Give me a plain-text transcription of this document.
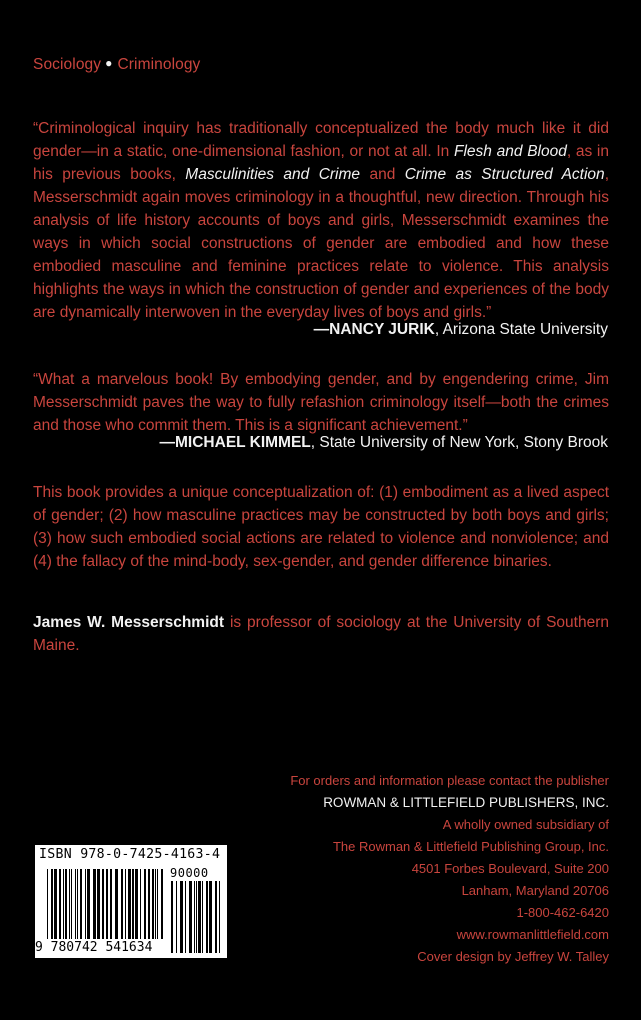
Sociology ● Criminology
“Criminological inquiry has traditionally conceptualized the body much like it did gender—in a static, one-dimensional fashion, or not at all. In Flesh and Blood, as in his previous books, Masculinities and Crime and Crime as Structured Action, Messerschmidt again moves criminology in a thoughtful, new direction. Through his analysis of life history accounts of boys and girls, Messerschmidt examines the ways in which social constructions of gender are embodied and how these embodied masculine and feminine practices relate to violence. This analysis highlights the ways in which the construction of gender and experiences of the body are dynamically interwoven in the everyday lives of boys and girls.”
—NANCY JURIK, Arizona State University
“What a marvelous book! By embodying gender, and by engendering crime, Jim Messerschmidt paves the way to fully refashion criminology itself—both the crimes and those who commit them. This is a significant achievement.”
—MICHAEL KIMMEL, State University of New York, Stony Brook
This book provides a unique conceptualization of: (1) embodiment as a lived aspect of gender; (2) how masculine practices may be constructed by both boys and girls; (3) how such embodied social actions are related to violence and nonviolence; and (4) the fallacy of the mind-body, sex-gender, and gender difference binaries.
James W. Messerschmidt is professor of sociology at the University of Southern Maine.
For orders and information please contact the publisher
ROWMAN & LITTLEFIELD PUBLISHERS, INC.
A wholly owned subsidiary of
The Rowman & Littlefield Publishing Group, Inc.
4501 Forbes Boulevard, Suite 200
Lanham, Maryland 20706
1-800-462-6420
www.rowmanlittlefield.com
Cover design by Jeffrey W. Talley
ISBN 978-0-7425-4163-4
90000
9 780742 541634
